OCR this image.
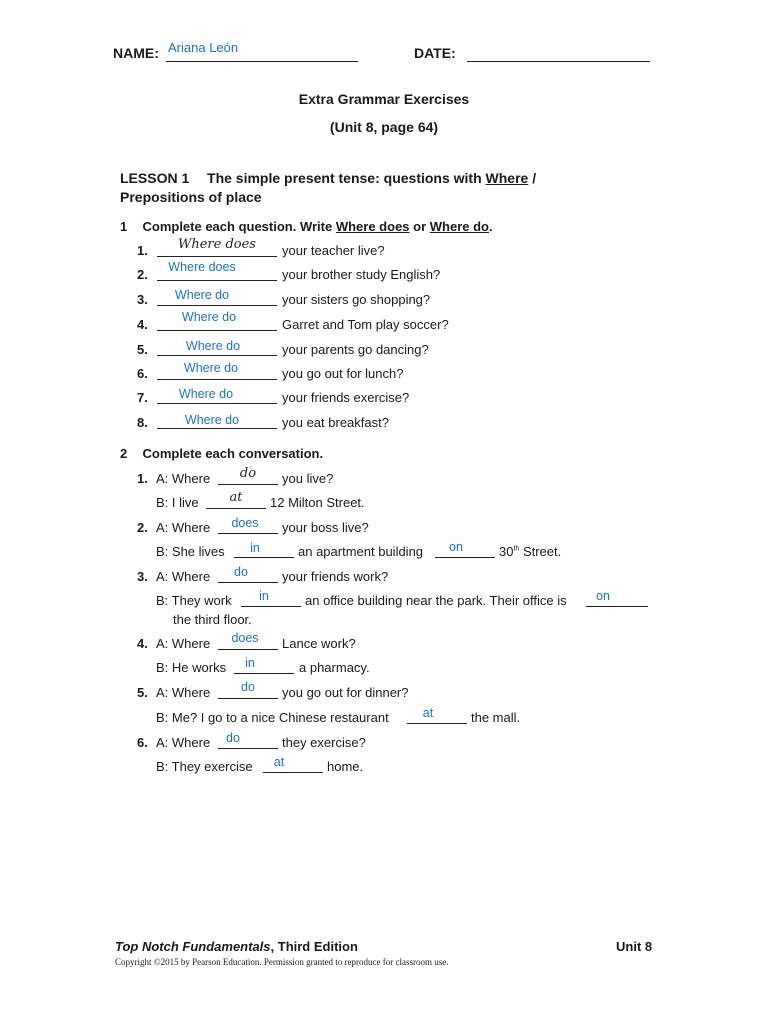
NAME: Ariana León	DATE:
Extra Grammar Exercises
(Unit 8, page 64)
LESSON 1 The simple present tense: questions with Where /
Prepositions of place
1 Complete each question. Write Where does or Where do.
1.	Where does	your teacher live?
2.	Where does	your brother study English?
3.	Where do	your sisters go shopping?
4.	Where do	Garret and Tom play soccer?
5.	Where do	your parents go dancing?
6.	Where do	you go out for lunch?
7.	Where do	your friends exercise?
8.	Where do	you eat breakfast?
2 Complete each conversation.
1. A: Where	do	you live?
B: I live	at	12 Milton Street.
2. A: Where	does	your boss live?
B: She lives	in	an apartment building	on	30th Street.
3. A: Where	do	your friends work?
B: They work	in	an office building near the park. Their office is	on
the third floor.
4. A: Where	does	Lance work?
B: He works	in	a pharmacy.
5. A: Where	do	you go out for dinner?
B: Me? I go to a nice Chinese restaurant	at	the mall.
6. A: Where	do	they exercise?
B: They exercise	at	home.
Top Notch Fundamentals, Third Edition	Unit 8
Copyright ©2015 by Pearson Education. Permission granted to reproduce for classroom use.
